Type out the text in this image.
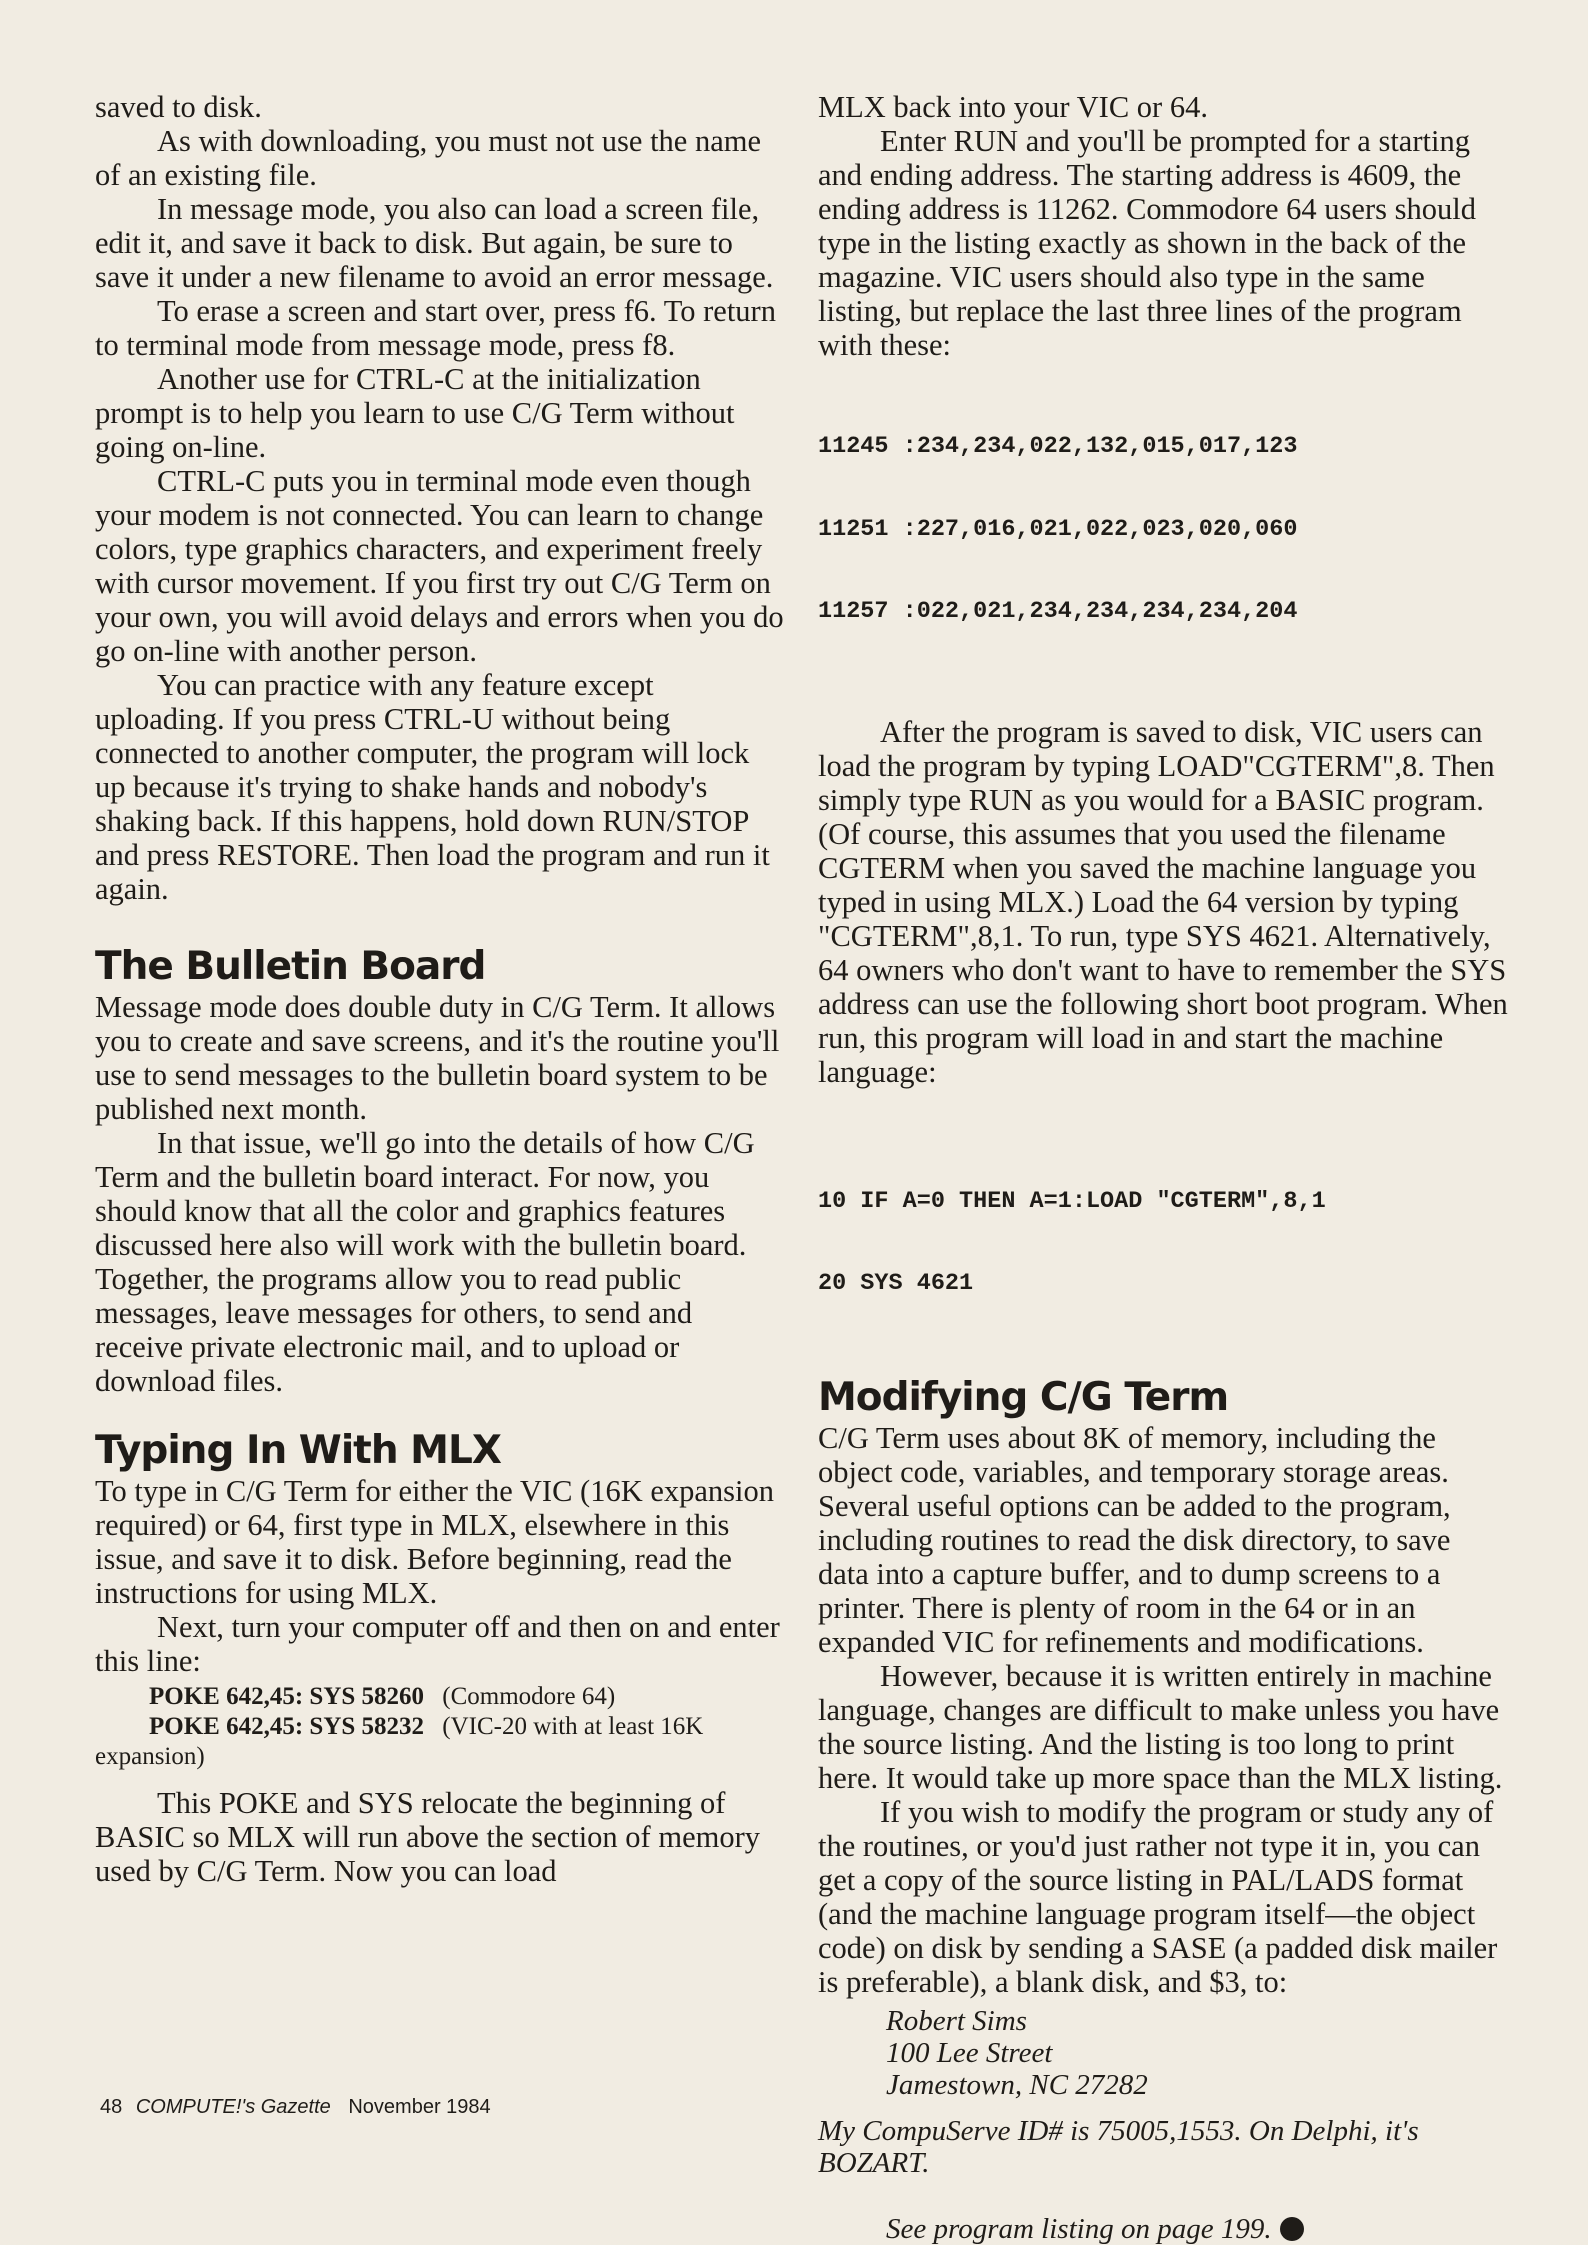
saved to disk.

As with downloading, you must not use the name of an existing file.

In message mode, you also can load a screen file, edit it, and save it back to disk. But again, be sure to save it under a new filename to avoid an error message.

To erase a screen and start over, press f6. To return to terminal mode from message mode, press f8.

Another use for CTRL-C at the initialization prompt is to help you learn to use C/G Term without going on-line.

CTRL-C puts you in terminal mode even though your modem is not connected. You can learn to change colors, type graphics characters, and experiment freely with cursor movement. If you first try out C/G Term on your own, you will avoid delays and errors when you do go on-line with another person.

You can practice with any feature except uploading. If you press CTRL-U without being connected to another computer, the program will lock up because it's trying to shake hands and nobody's shaking back. If this happens, hold down RUN/STOP and press RESTORE. Then load the program and run it again.

The Bulletin Board

Message mode does double duty in C/G Term. It allows you to create and save screens, and it's the routine you'll use to send messages to the bulletin board system to be published next month.

In that issue, we'll go into the details of how C/G Term and the bulletin board interact. For now, you should know that all the color and graphics features discussed here also will work with the bulletin board. Together, the programs allow you to read public messages, leave messages for others, to send and receive private electronic mail, and to upload or download files.

Typing In With MLX

To type in C/G Term for either the VIC (16K expansion required) or 64, first type in MLX, elsewhere in this issue, and save it to disk. Before beginning, read the instructions for using MLX.

Next, turn your computer off and then on and enter this line:

POKE 642,45: SYS 58260 (Commodore 64)
POKE 642,45: SYS 58232 (VIC-20 with at least 16K expansion)

This POKE and SYS relocate the beginning of BASIC so MLX will run above the section of memory used by C/G Term. Now you can load

MLX back into your VIC or 64.

Enter RUN and you'll be prompted for a starting and ending address. The starting address is 4609, the ending address is 11262. Commodore 64 users should type in the listing exactly as shown in the back of the magazine. VIC users should also type in the same listing, but replace the last three lines of the program with these:

11245 :234,234,022,132,015,017,123

11251 :227,016,021,022,023,020,060

11257 :022,021,234,234,234,234,204

After the program is saved to disk, VIC users can load the program by typing LOAD"CGTERM",8. Then simply type RUN as you would for a BASIC program. (Of course, this assumes that you used the filename CGTERM when you saved the machine language you typed in using MLX.) Load the 64 version by typing "CGTERM",8,1. To run, type SYS 4621. Alternatively, 64 owners who don't want to have to remember the SYS address can use the following short boot program. When run, this program will load in and start the machine language:

10 IF A=0 THEN A=1:LOAD "CGTERM",8,1

20 SYS 4621

Modifying C/G Term

C/G Term uses about 8K of memory, including the object code, variables, and temporary storage areas. Several useful options can be added to the program, including routines to read the disk directory, to save data into a capture buffer, and to dump screens to a printer. There is plenty of room in the 64 or in an expanded VIC for refinements and modifications.

However, because it is written entirely in machine language, changes are difficult to make unless you have the source listing. And the listing is too long to print here. It would take up more space than the MLX listing.

If you wish to modify the program or study any of the routines, or you'd just rather not type it in, you can get a copy of the source listing in PAL/LADS format (and the machine language program itself—the object code) on disk by sending a SASE (a padded disk mailer is preferable), a blank disk, and $3, to:

Robert Sims
100 Lee Street
Jamestown, NC 27282

My CompuServe ID# is 75005,1553. On Delphi, it's BOZART.

See program listing on page 199.

48 COMPUTE!'s Gazette November 1984
